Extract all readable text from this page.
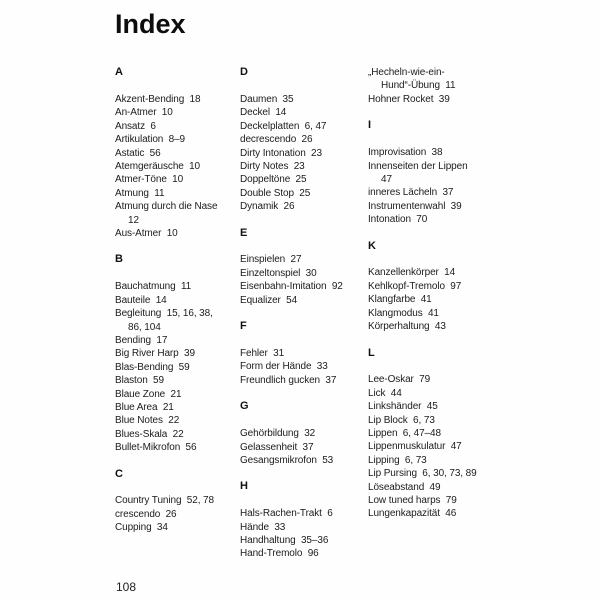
Index
A
Akzent-Bending  18
An-Atmer  10
Ansatz  6
Artikulation  8–9
Astatic  56
Atemgeräusche  10
Atmer-Töne  10
Atmung  11
Atmung durch die Nase
12
Aus-Atmer  10
B
Bauchatmung  11
Bauteile  14
Begleitung  15, 16, 38,
86, 104
Bending  17
Big River Harp  39
Blas-Bending  59
Blaston  59
Blaue Zone  21
Blue Area  21
Blue Notes  22
Blues-Skala  22
Bullet-Mikrofon  56
C
Country Tuning  52, 78
crescendo  26
Cupping  34
D
Daumen  35
Deckel  14
Deckelplatten  6, 47
decrescendo  26
Dirty Intonation  23
Dirty Notes  23
Doppeltöne  25
Double Stop  25
Dynamik  26
E
Einspielen  27
Einzeltonspiel  30
Eisenbahn-Imitation  92
Equalizer  54
F
Fehler  31
Form der Hände  33
Freundlich gucken  37
G
Gehörbildung  32
Gelassenheit  37
Gesangsmikrofon  53
H
Hals-Rachen-Trakt  6
Hände  33
Handhaltung  35–36
Hand-Tremolo  96
„Hecheln-wie-ein-
Hund“-Übung  11
Hohner Rocket  39
I
Improvisation  38
Innenseiten der Lippen
47
inneres Lächeln  37
Instrumentenwahl  39
Intonation  70
K
Kanzellenkörper  14
Kehlkopf-Tremolo  97
Klangfarbe  41
Klangmodus  41
Körperhaltung  43
L
Lee-Oskar  79
Lick  44
Linkshänder  45
Lip Block  6, 73
Lippen  6, 47–48
Lippenmuskulatur  47
Lipping  6, 73
Lip Pursing  6, 30, 73, 89
Löseabstand  49
Low tuned harps  79
Lungenkapazität  46
108
